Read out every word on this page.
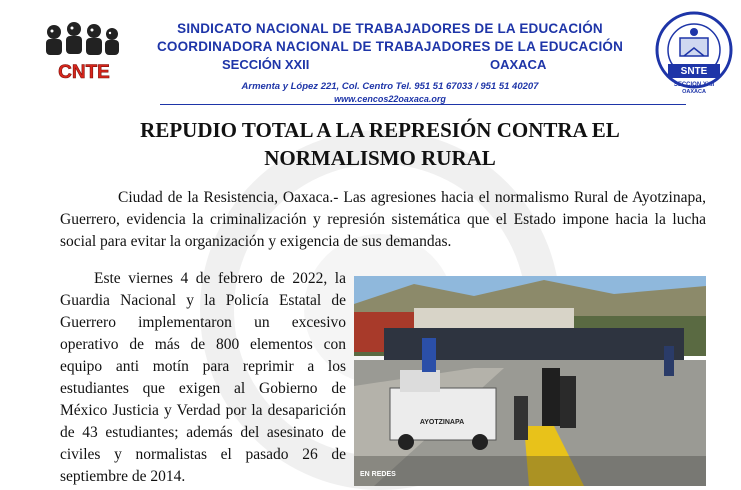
CNTE
SINDICATO NACIONAL DE TRABAJADORES DE LA EDUCACIÓN
COORDINADORA NACIONAL DE TRABAJADORES DE LA EDUCACIÓN
SECCIÓN XXII	OAXACA
Armenta y López 221, Col. Centro Tel. 951 51 67033 / 951 51 40207
www.cencos22oaxaca.org
SNTE
SECCION XXII
OAXACA
REPUDIO TOTAL A LA REPRESIÓN CONTRA EL
NORMALISMO RURAL

Ciudad de la Resistencia, Oaxaca.- Las agresiones hacia el normalismo Rural de Ayotzinapa, Guerrero, evidencia la criminalización y represión sistemática que el Estado impone hacia la lucha social para evitar la organización y exigencia de sus demandas.

Este viernes 4 de febrero de 2022, la Guardia Nacional y la Policía Estatal de Guerrero implementaron un excesivo operativo de más de 800 elementos con equipo anti motín para reprimir a los estudiantes que exigen al Gobierno de México Justicia y Verdad por la desaparición de 43 estudiantes; además del asesinato de civiles y normalistas el pasado 26 de septiembre de 2014.

AYOTZINAPA
EN REDES
